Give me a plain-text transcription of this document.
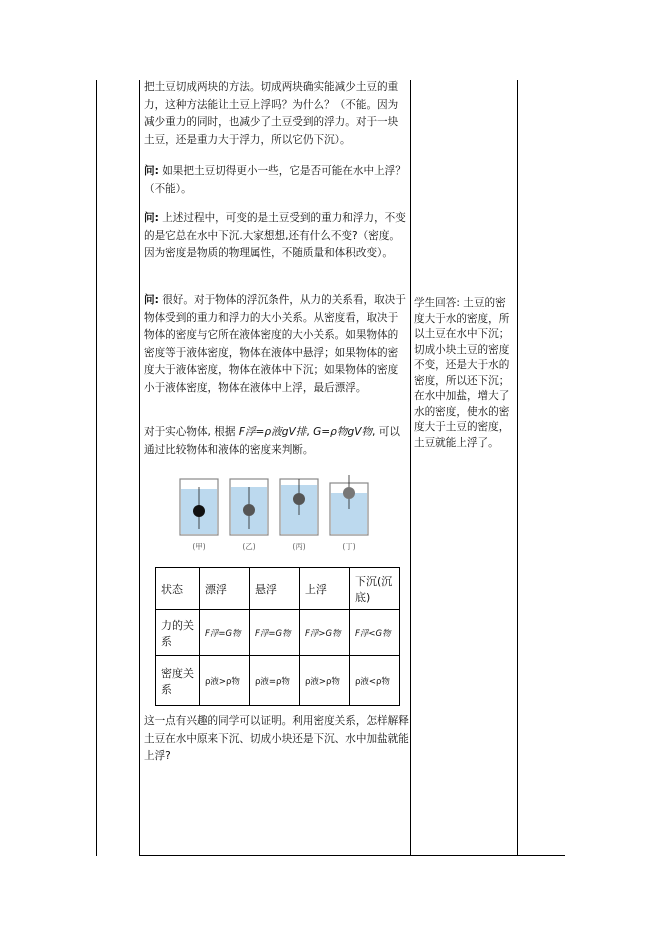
把土豆切成两块的方法。切成两块确实能减少土豆的重力，这种方法能让土豆上浮吗？为什么？（不能。因为减少重力的同时，也减少了土豆受到的浮力。对于一块土豆，还是重力大于浮力，所以它仍下沉）。

问: 如果把土豆切得更小一些，它是否可能在水中上浮？（不能）。

问: 上述过程中，可变的是土豆受到的重力和浮力，不变的是它总在水中下沉.大家想想,还有什么不变?（密度。因为密度是物质的物理属性，不随质量和体积改变）。

问: 很好。对于物体的浮沉条件，从力的关系看，取决于物体受到的重力和浮力的大小关系。从密度看，取决于物体的密度与它所在液体密度的大小关系。如果物体的密度等于液体密度，物体在液体中悬浮；如果物体的密度大于液体密度，物体在液体中下沉；如果物体的密度小于液体密度，物体在液体中上浮，最后漂浮。

对于实心物体, 根据 F浮=ρ液gV排, G=ρ物gV物, 可以通过比较物体和液体的密度来判断。

(甲)	(乙)	(丙)	(丁)
状态	漂浮	悬浮	上浮	下沉(沉底)
力的关系	F浮=G物	F浮=G物	F浮>G物	F浮<G物
密度关系	ρ液>ρ物	ρ液=ρ物	ρ液>ρ物	ρ液<ρ物

这一点有兴趣的同学可以证明。利用密度关系，怎样解释土豆在水中原来下沉、切成小块还是下沉、水中加盐就能上浮?

学生回答: 土豆的密度大于水的密度，所以土豆在水中下沉；切成小块土豆的密度不变，还是大于水的密度，所以还下沉；在水中加盐，增大了水的密度，使水的密度大于土豆的密度，土豆就能上浮了。
